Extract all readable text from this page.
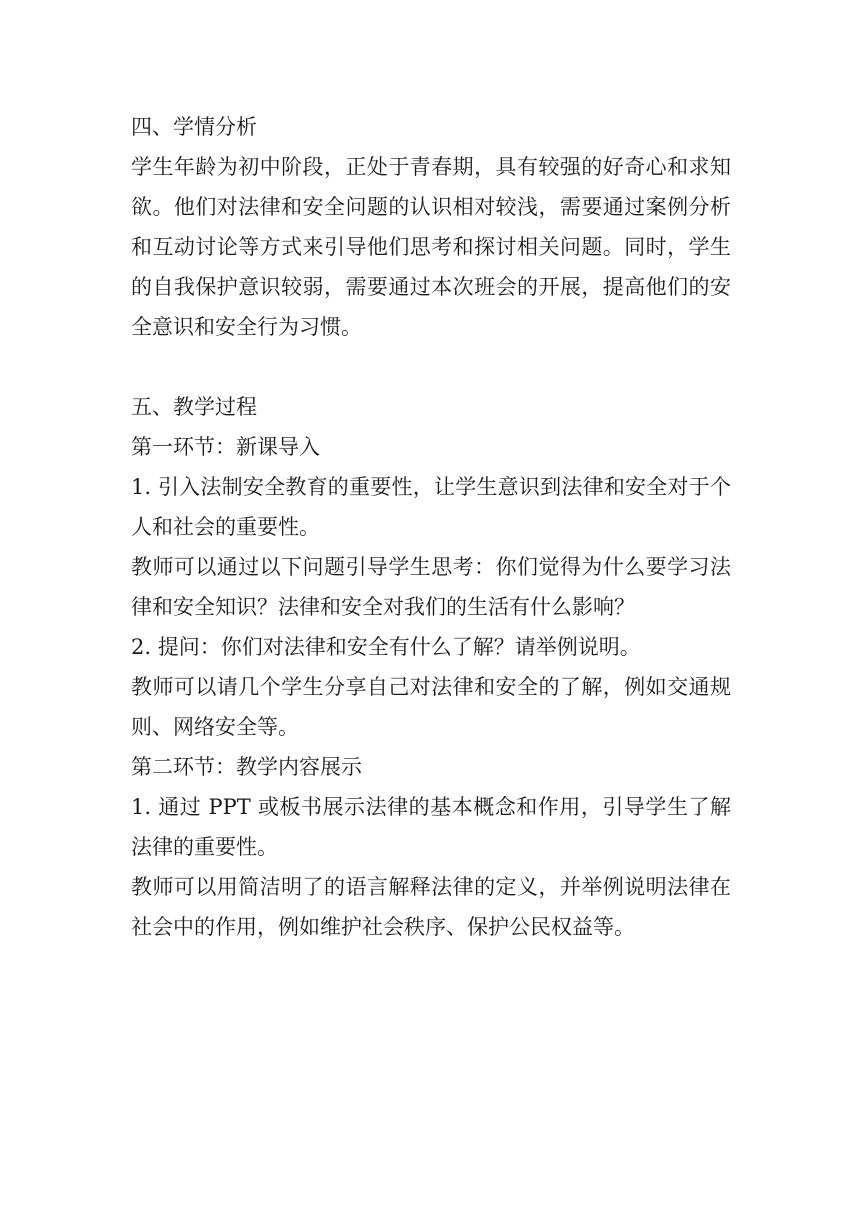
四、学情分析

学生年龄为初中阶段，正处于青春期，具有较强的好奇心和求知欲。他们对法律和安全问题的认识相对较浅，需要通过案例分析和互动讨论等方式来引导他们思考和探讨相关问题。同时，学生的自我保护意识较弱，需要通过本次班会的开展，提高他们的安全意识和安全行为习惯。

五、教学过程

第一环节：新课导入

1. 引入法制安全教育的重要性，让学生意识到法律和安全对于个人和社会的重要性。

教师可以通过以下问题引导学生思考：你们觉得为什么要学习法律和安全知识？法律和安全对我们的生活有什么影响？

2. 提问：你们对法律和安全有什么了解？请举例说明。

教师可以请几个学生分享自己对法律和安全的了解，例如交通规则、网络安全等。

第二环节：教学内容展示

1. 通过 PPT 或板书展示法律的基本概念和作用，引导学生了解法律的重要性。

教师可以用简洁明了的语言解释法律的定义，并举例说明法律在社会中的作用，例如维护社会秩序、保护公民权益等。
